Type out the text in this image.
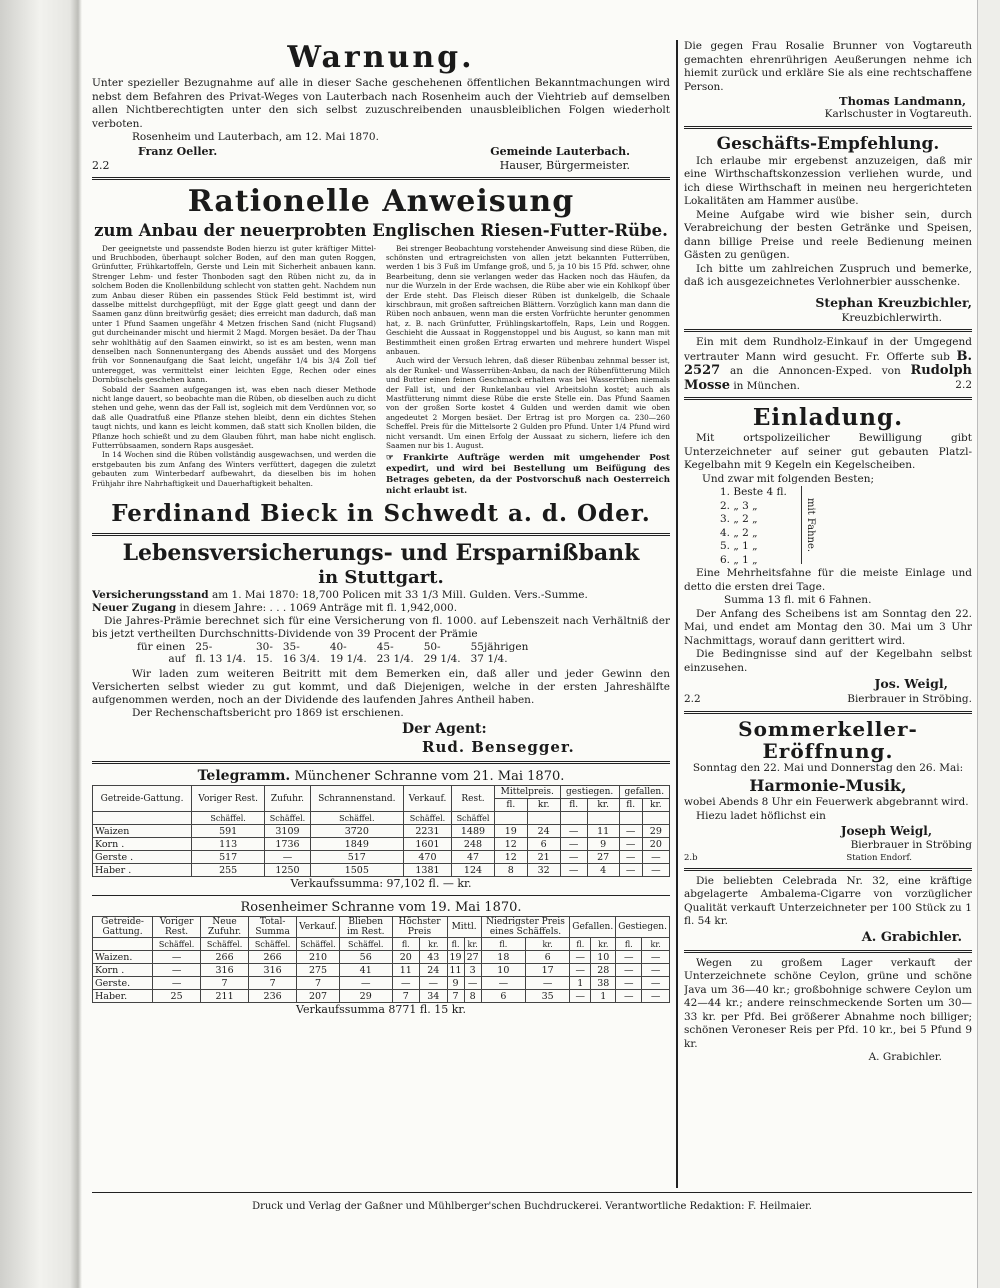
Warnung.

Unter spezieller Bezugnahme auf alle in dieser Sache geschehenen öffentlichen Bekanntmachungen wird nebst dem Befahren des Privat-Weges von Lauterbach nach Rosenheim auch der Viehtrieb auf demselben allen Nichtberechtigten unter den sich selbst zuzuschreibenden unausbleiblichen Folgen wiederholt verboten.

Rosenheim und Lauterbach, am 12. Mai 1870.

Franz Oeller.	Gemeinde Lauterbach.
2.2	Hauser, Bürgermeister.
Rationelle Anweisung
zum Anbau der neuerprobten Englischen Riesen-Futter-Rübe.

Der geeignetste und passendste Boden hierzu ist guter kräftiger Mittel- und Bruchboden, überhaupt solcher Boden, auf den man guten Roggen, Grünfutter, Frühkartoffeln, Gerste und Lein mit Sicherheit anbauen kann. Strenger Lehm- und fester Thonboden sagt den Rüben nicht zu, da in solchem Boden die Knollenbildung schlecht von statten geht. Nachdem nun zum Anbau dieser Rüben ein passendes Stück Feld bestimmt ist, wird dasselbe mittelst durchgepflügt, mit der Egge glatt geegt und dann der Saamen ganz dünn breitwürfig gesäet; dies erreicht man dadurch, daß man unter 1 Pfund Saamen ungefähr 4 Metzen frischen Sand (nicht Flugsand) gut durcheinander mischt und hiermit 2 Magd. Morgen besäet. Da der Thau sehr wohlthätig auf den Saamen einwirkt, so ist es am besten, wenn man denselben nach Sonnenuntergang des Abends aussäet und des Morgens früh vor Sonnenaufgang die Saat leicht, ungefähr 1/4 bis 3/4 Zoll tief unteregget, was vermittelst einer leichten Egge, Rechen oder eines Dornbüschels geschehen kann.

Sobald der Saamen aufgegangen ist, was eben nach dieser Methode nicht lange dauert, so beobachte man die Rüben, ob dieselben auch zu dicht stehen und gehe, wenn das der Fall ist, sogleich mit dem Verdünnen vor, so daß alle Quadratfuß eine Pflanze stehen bleibt, denn ein dichtes Stehen taugt nichts, und kann es leicht kommen, daß statt sich Knollen bilden, die Pflanze hoch schießt und zu dem Glauben führt, man habe nicht englisch. Futterrübsaamen, sondern Raps ausgesäet.

In 14 Wochen sind die Rüben vollständig ausgewachsen, und werden die erstgebauten bis zum Anfang des Winters verfüttert, dagegen die zuletzt gebauten zum Winterbedarf aufbewahrt, da dieselben bis im hohen Frühjahr ihre Nahrhaftigkeit und Dauerhaftigkeit behalten.

Bei strenger Beobachtung vorstehender Anweisung sind diese Rüben, die schönsten und ertragreichsten von allen jetzt bekannten Futterrüben, werden 1 bis 3 Fuß im Umfange groß, und 5, ja 10 bis 15 Pfd. schwer, ohne Bearbeitung, denn sie verlangen weder das Hacken noch das Häufen, da nur die Wurzeln in der Erde wachsen, die Rübe aber wie ein Kohlkopf über der Erde steht. Das Fleisch dieser Rüben ist dunkelgelb, die Schaale kirschbraun, mit großen saftreichen Blättern. Vorzüglich kann man dann die Rüben noch anbauen, wenn man die ersten Vorfrüchte herunter genommen hat, z. B. nach Grünfutter, Frühlingskartoffeln, Raps, Lein und Roggen. Geschieht die Aussaat in Roggenstoppel und bis August, so kann man mit Bestimmtheit einen großen Ertrag erwarten und mehrere hundert Wispel anbauen.

Auch wird der Versuch lehren, daß dieser Rübenbau zehnmal besser ist, als der Runkel- und Wasserrüben-Anbau, da nach der Rübenfütterung Milch und Butter einen feinen Geschmack erhalten was bei Wasserrüben niemals der Fall ist, und der Runkelanbau viel Arbeitslohn kostet; auch als Mastfütterung nimmt diese Rübe die erste Stelle ein. Das Pfund Saamen von der großen Sorte kostet 4 Gulden und werden damit wie oben angedeutet 2 Morgen besäet. Der Ertrag ist pro Morgen ca. 230—260 Scheffel. Preis für die Mittelsorte 2 Gulden pro Pfund. Unter 1/4 Pfund wird nicht versandt. Um einen Erfolg der Aussaat zu sichern, liefere ich den Saamen nur bis 1. August.

☞ Frankirte Aufträge werden mit umgehender Post expedirt, und wird bei Bestellung um Beifügung des Betrages gebeten, da der Postvorschuß nach Oesterreich nicht erlaubt ist.

Ferdinand Bieck in Schwedt a. d. Oder.
Lebensversicherungs- und Ersparnißbank
in Stuttgart.

Versicherungsstand am 1. Mai 1870: 18,700 Policen mit 33 1/3 Mill. Gulden. Vers.-Summe.

Neuer Zugang in diesem Jahre: . . . 1069 Anträge mit fl. 1,942,000.

Die Jahres-Prämie berechnet sich für eine Versicherung von fl. 1000. auf Lebenszeit nach Verhältniß der bis jetzt vertheilten Durchschnitts-Dividende von 39 Procent der Prämie

für einen	25-	30-	35-	40-	45-	50-	55jährigen
auf	fl. 13 1/4.	15.	16 3/4.	19 1/4.	23 1/4.	29 1/4.	37 1/4.

Wir laden zum weiteren Beitritt mit dem Bemerken ein, daß aller und jeder Gewinn den Versicherten selbst wieder zu gut kommt, und daß Diejenigen, welche in der ersten Jahreshälfte aufgenommen werden, noch an der Dividende des laufenden Jahres Antheil haben.

Der Rechenschaftsbericht pro 1869 ist erschienen.

Der Agent:
Rud. Bensegger.
Telegramm. Münchener Schranne vom 21. Mai 1870.
Getreide-Gattung.	Voriger Rest.	Zufuhr.	Schrannenstand.	Verkauf.	Rest.	Mittelpreis.		gestiegen.		gefallen.	
						fl.	kr.	fl.	kr.	fl.	kr.
	Schäffel.	Schäffel.	Schäffel.	Schäffel.	Schäffel						
Waizen	591	3109	3720	2231	1489	19	24	—	11	—	29
Korn .	113	1736	1849	1601	248	12	6	—	9	—	20
Gerste .	517	—	517	470	47	12	21	—	27	—	—
Haber .	255	1250	1505	1381	124	8	32	—	4	—	—
Verkaufssumma: 97,102 fl. — kr.
Rosenheimer Schranne vom 19. Mai 1870.
Getreide-Gattung.	Voriger Rest.	Neue Zufuhr.	Total-Summa	Verkauf.	Blieben im Rest.	Höchster Preis		Mittl.		Niedrigster Preis eines Schäffels.		Gefallen.		Gestiegen.	
	Schäffel.	Schäffel.	Schäffel.	Schäffel.	Schäffel.	fl.	kr.	fl.	kr.	fl.	kr.	fl.	kr.	fl.	kr.
Waizen.	—	266	266	210	56	20	43	19	27	18	6	—	10	—	—
Korn .	—	316	316	275	41	11	24	11	3	10	17	—	28	—	—
Gerste.	—	7	7	7	—	—	—	9	—	—	—	1	38	—	—
Haber.	25	211	236	207	29	7	34	7	8	6	35	—	1	—	—
Verkaufssumma 8771 fl. 15 kr.

Die gegen Frau Rosalie Brunner von Vogtareuth gemachten ehrenrührigen Aeußerungen nehme ich hiemit zurück und erkläre Sie als eine rechtschaffene Person.

Thomas Landmann,

Karlschuster in Vogtareuth.

Geschäfts-Empfehlung.

Ich erlaube mir ergebenst anzuzeigen, daß mir eine Wirthschaftskonzession verliehen wurde, und ich diese Wirthschaft in meinen neu hergerichteten Lokalitäten am Hammer ausübe.

Meine Aufgabe wird wie bisher sein, durch Verabreichung der besten Getränke und Speisen, dann billige Preise und reele Bedienung meinen Gästen zu genügen.

Ich bitte um zahlreichen Zuspruch und bemerke, daß ich ausgezeichnetes Verlohnerbier ausschenke.

Stephan Kreuzbichler,

Kreuzbichlerwirth.

Ein mit dem Rundholz-Einkauf in der Umgegend vertrauter Mann wird gesucht. Fr. Offerte sub B. 2527 an die Annoncen-Exped. von Rudolph Mosse in München.	2.2

Einladung.

Mit ortspolizeilicher Bewilligung gibt Unterzeichneter auf seiner gut gebauten Platzl-Kegelbahn mit 9 Kegeln ein Kegelscheiben.

Und zwar mit folgenden Besten;

1. Beste 4 fl.
2. „ 3 „
3. „ 2 „
4. „ 2 „
5. „ 1 „
6. „ 1 „
mit Fahne.

Eine Mehrheitsfahne für die meiste Einlage und detto die ersten drei Tage.

Summa 13 fl. mit 6 Fahnen.

Der Anfang des Scheibens ist am Sonntag den 22. Mai, und endet am Montag den 30. Mai um 3 Uhr Nachmittags, worauf dann gerittert wird.

Die Bedingnisse sind auf der Kegelbahn selbst einzusehen.

Jos. Weigl,

2.2	Bierbrauer in Ströbing.
Sommerkeller-
Eröffnung.

Sonntag den 22. Mai und Donnerstag den 26. Mai:

Harmonie-Musik,

wobei Abends 8 Uhr ein Feuerwerk abgebrannt wird.

Hiezu ladet höflichst ein

Joseph Weigl,

Bierbrauer in Ströbing

2.b	Station Endorf.

Die beliebten Celebrada Nr. 32, eine kräftige abgelagerte Ambalema-Cigarre von vorzüglicher Qualität verkauft Unterzeichneter per 100 Stück zu 1 fl. 54 kr.

A. Grabichler.

Wegen zu großem Lager verkauft der Unterzeichnete schöne Ceylon, grüne und schöne Java um 36—40 kr.; großbohnige schwere Ceylon um 42—44 kr.; andere reinschmeckende Sorten um 30—33 kr. per Pfd. Bei größerer Abnahme noch billiger; schönen Veroneser Reis per Pfd. 10 kr., bei 5 Pfund 9 kr.

A. Grabichler.

Druck und Verlag der Gaßner und Mühlberger'schen Buchdruckerei. Verantwortliche Redaktion: F. Heilmaier.
